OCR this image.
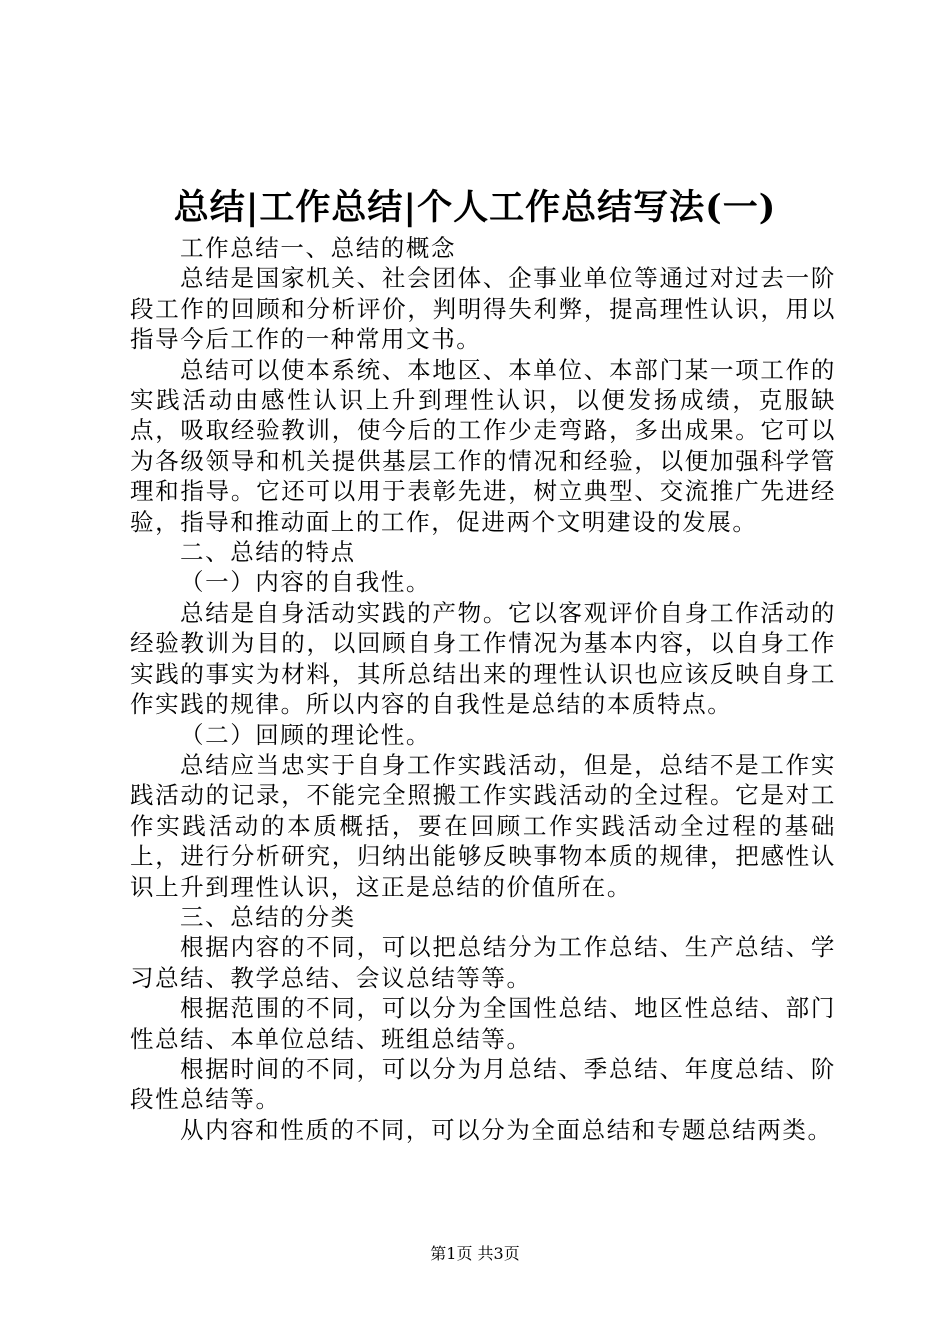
总结|工作总结|个人工作总结写法(一)

工作总结一、总结的概念

总结是国家机关、社会团体、企事业单位等通过对过去一阶段工作的回顾和分析评价，判明得失利弊，提高理性认识，用以指导今后工作的一种常用文书。

总结可以使本系统、本地区、本单位、本部门某一项工作的实践活动由感性认识上升到理性认识，以便发扬成绩，克服缺点，吸取经验教训，使今后的工作少走弯路，多出成果。它可以为各级领导和机关提供基层工作的情况和经验，以便加强科学管理和指导。它还可以用于表彰先进，树立典型、交流推广先进经验，指导和推动面上的工作，促进两个文明建设的发展。

二、总结的特点

（一）内容的自我性。

总结是自身活动实践的产物。它以客观评价自身工作活动的经验教训为目的，以回顾自身工作情况为基本内容，以自身工作实践的事实为材料，其所总结出来的理性认识也应该反映自身工作实践的规律。所以内容的自我性是总结的本质特点。

（二）回顾的理论性。

总结应当忠实于自身工作实践活动，但是，总结不是工作实践活动的记录，不能完全照搬工作实践活动的全过程。它是对工作实践活动的本质概括，要在回顾工作实践活动全过程的基础上，进行分析研究，归纳出能够反映事物本质的规律，把感性认识上升到理性认识，这正是总结的价值所在。

三、总结的分类

根据内容的不同，可以把总结分为工作总结、生产总结、学习总结、教学总结、会议总结等等。

根据范围的不同，可以分为全国性总结、地区性总结、部门性总结、本单位总结、班组总结等。

根据时间的不同，可以分为月总结、季总结、年度总结、阶段性总结等。

从内容和性质的不同，可以分为全面总结和专题总结两类。

第1页 共3页
